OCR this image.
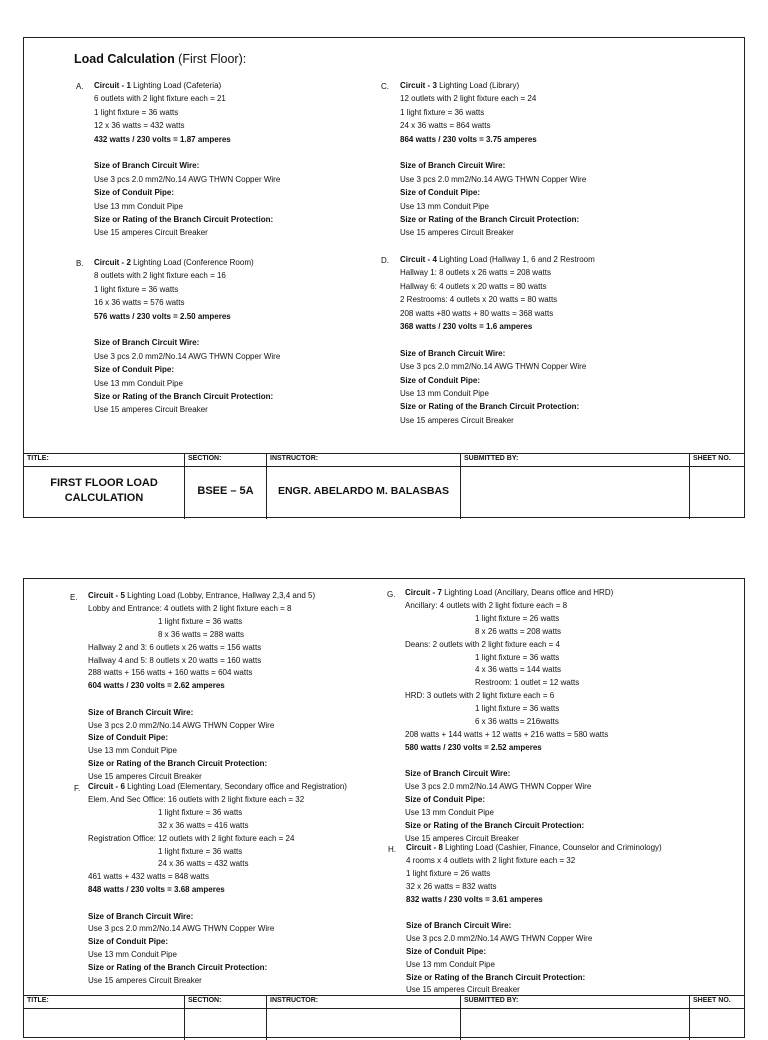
Load Calculation (First Floor):
A. Circuit - 1 Lighting Load (Cafeteria)
6 outlets with 2 light fixture each = 21
1 light fixture = 36 watts
12 x 36 watts = 432 watts
432 watts / 230 volts = 1.87 amperes
Size of Branch Circuit Wire:
Use 3 pcs 2.0 mm2/No.14 AWG THWN Copper Wire
Size of Conduit Pipe:
Use 13 mm Conduit Pipe
Size or Rating of the Branch Circuit Protection:
Use 15 amperes Circuit Breaker
B. Circuit - 2 Lighting Load (Conference Room)
8 outlets with 2 light fixture each = 16
1 light fixture = 36 watts
16 x 36 watts = 576 watts
576 watts / 230 volts = 2.50 amperes
Size of Branch Circuit Wire:
Use 3 pcs 2.0 mm2/No.14 AWG THWN Copper Wire
Size of Conduit Pipe:
Use 13 mm Conduit Pipe
Size or Rating of the Branch Circuit Protection:
Use 15 amperes Circuit Breaker
C. Circuit - 3 Lighting Load (Library)
12 outlets with 2 light fixture each = 24
1 light fixture = 36 watts
24 x 36 watts = 864 watts
864 watts / 230 volts = 3.75 amperes
Size of Branch Circuit Wire:
Use 3 pcs 2.0 mm2/No.14 AWG THWN Copper Wire
Size of Conduit Pipe:
Use 13 mm Conduit Pipe
Size or Rating of the Branch Circuit Protection:
Use 15 amperes Circuit Breaker
D. Circuit - 4 Lighting Load (Hallway 1, 6 and 2 Restroom
Hallway 1: 8 outlets x 26 watts = 208 watts
Hallway 6: 4 outlets x 20 watts = 80 watts
2 Restrooms: 4 outlets x 20 watts = 80 watts
208 watts +80 watts + 80 watts = 368 watts
368 watts / 230 volts = 1.6 amperes
Size of Branch Circuit Wire:
Use 3 pcs 2.0 mm2/No.14 AWG THWN Copper Wire
Size of Conduit Pipe:
Use 13 mm Conduit Pipe
Size or Rating of the Branch Circuit Protection:
Use 15 amperes Circuit Breaker
TITLE:
FIRST FLOOR LOAD CALCULATION
SECTION:
BSEE – 5A
INSTRUCTOR:
ENGR. ABELARDO M. BALASBAS
SUBMITTED BY:	SHEET NO.
E. Circuit - 5 Lighting Load (Lobby, Entrance, Hallway 2,3,4 and 5)
Lobby and Entrance: 4 outlets with 2 light fixture each = 8
1 light fixture = 36 watts
8 x 36 watts = 288 watts
Hallway 2 and 3: 6 outlets x 26 watts = 156 watts
Hallway 4 and 5: 8 outlets x 20 watts = 160 watts
288 watts + 156 watts + 160 watts = 604 watts
604 watts / 230 volts = 2.62 amperes
Size of Branch Circuit Wire:
Use 3 pcs 2.0 mm2/No.14 AWG THWN Copper Wire
Size of Conduit Pipe:
Use 13 mm Conduit Pipe
Size or Rating of the Branch Circuit Protection:
Use 15 amperes Circuit Breaker
F. Circuit - 6 Lighting Load (Elementary, Secondary office and Registration)
Elem. And Sec Office: 16 outlets with 2 light fixture each = 32
1 light fixture = 36 watts
32 x 36 watts = 416 watts
Registration Office: 12 outlets with 2 light fixture each = 24
1 light fixture = 36 watts
24 x 36 watts = 432 watts
461 watts + 432 watts = 848 watts
848 watts / 230 volts = 3.68 amperes
Size of Branch Circuit Wire:
Use 3 pcs 2.0 mm2/No.14 AWG THWN Copper Wire
Size of Conduit Pipe:
Use 13 mm Conduit Pipe
Size or Rating of the Branch Circuit Protection:
Use 15 amperes Circuit Breaker
G. Circuit - 7 Lighting Load (Ancillary, Deans office and HRD)
Ancillary: 4 outlets with 2 light fixture each = 8
1 light fixture = 26 watts
8 x 26 watts = 208 watts
Deans: 2 outlets with 2 light fixture each = 4
1 light fixture = 36 watts
4 x 36 watts = 144 watts
Restroom: 1 outlet = 12 watts
HRD: 3 outlets with 2 light fixture each = 6
1 light fixture = 36 watts
6 x 36 watts = 216watts
208 watts + 144 watts + 12 watts + 216 watts = 580 watts
580 watts / 230 volts = 2.52 amperes
Size of Branch Circuit Wire:
Use 3 pcs 2.0 mm2/No.14 AWG THWN Copper Wire
Size of Conduit Pipe:
Use 13 mm Conduit Pipe
Size or Rating of the Branch Circuit Protection:
Use 15 amperes Circuit Breaker
H. Circuit - 8 Lighting Load (Cashier, Finance, Counselor and Criminology)
4 rooms x 4 outlets with 2 light fixture each = 32
1 light fixture = 26 watts
32 x 26 watts = 832 watts
832 watts / 230 volts = 3.61 amperes
Size of Branch Circuit Wire:
Use 3 pcs 2.0 mm2/No.14 AWG THWN Copper Wire
Size of Conduit Pipe:
Use 13 mm Conduit Pipe
Size or Rating of the Branch Circuit Protection:
Use 15 amperes Circuit Breaker
TITLE:	SECTION:	INSTRUCTOR:	SUBMITTED BY:	SHEET NO.
